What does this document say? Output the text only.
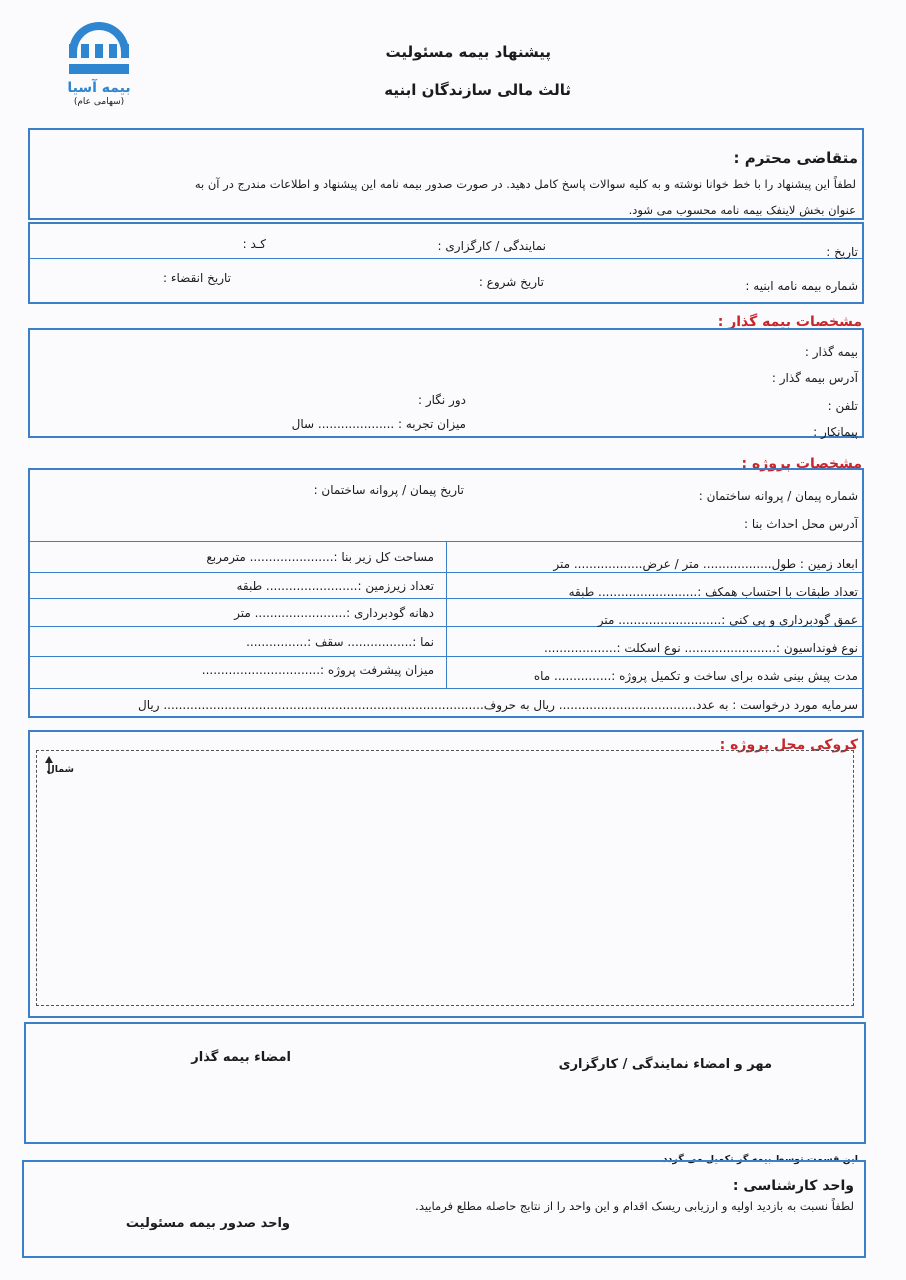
بیمه آسیا
(سهامی عام)
پیشنهاد بیمه مسئولیت
ثالث مالی سازندگان ابنیه
متقاضی محترم :
لطفاً این پیشنهاد را با خط خوانا نوشته و به کلیه سوالات پاسخ کامل دهید. در صورت صدور بیمه نامه این پیشنهاد و اطلاعات مندرج در آن به
عنوان بخش لاینفک بیمه نامه محسوب می شود.
تاریخ :
نمایندگی / کارگزاری :
کـد :
شماره بیمه نامه ابنیه :
تاریخ شروع :
تاریخ انقضاء :
مشخصات بیمه گذار :
بیمه گذار :
آدرس بیمه گذار :
دور نگار :	تلفن :
پیمانکار :
میزان تجربه : .................... سال
مشخصات پروژه :
شماره پیمان / پروانه ساختمان :
تاریخ پیمان / پروانه ساختمان :
آدرس محل احداث بنا :
ابعاد زمین : طول.................. متر / عرض.................. متر
مساحت کل زیر بنا :...................... مترمربع
تعداد طبقات با احتساب همکف :.......................... طبقه
تعداد زیرزمین :........................ طبقه
عمق گودبرداری و پی کنی :........................... متر
دهانه گودبرداری :........................ متر
نوع فونداسیون :........................ نوع اسکلت :...................
نما :................. سقف :................
مدت پیش بینی شده برای ساخت و تکمیل پروژه :............... ماه
میزان پیشرفت پروژه :...............................
سرمایه مورد درخواست : به عدد.................................... ریال به حروف.................................................................................... ریال
کروکی محل پروژه :
شمال
مهر و امضاء نمایندگی / کارگزاری
امضاء بیمه گذار
این قسمت توسط بیمه گر تکمیل می گردد.
واحد کارشناسی :
لطفاً نسبت به بازدید اولیه و ارزیابی ریسک اقدام و این واحد را از نتایج حاصله مطلع فرمایید.
واحد صدور بیمه مسئولیت
